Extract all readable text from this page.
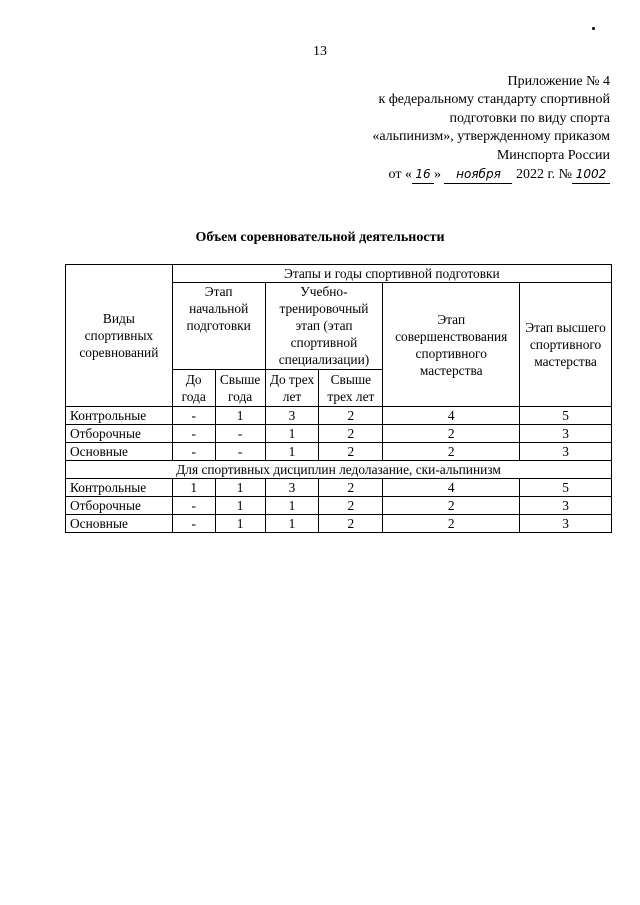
13
Приложение № 4
к федеральному стандарту спортивной
подготовки по виду спорта
«альпинизм», утвержденному приказом
Минспорта России
от « 16 » ноября 2022 г. № 1002
Объем соревновательной деятельности
Виды спортивных соревнований	Этапы и годы спортивной подготовки					
	Этап начальной подготовки		Учебно-тренировочный этап (этап спортивной специализации)		Этап совершенствования спортивного мастерства	Этап высшего спортивного мастерства
	До года	Свыше года	До трех лет	Свыше трех лет		
Контрольные	-	1	3	2	4	5
Отборочные	-	-	1	2	2	3
Основные	-	-	1	2	2	3
Для спортивных дисциплин ледолазание, ски-альпинизм						
Контрольные	1	1	3	2	4	5
Отборочные	-	1	1	2	2	3
Основные	-	1	1	2	2	3
